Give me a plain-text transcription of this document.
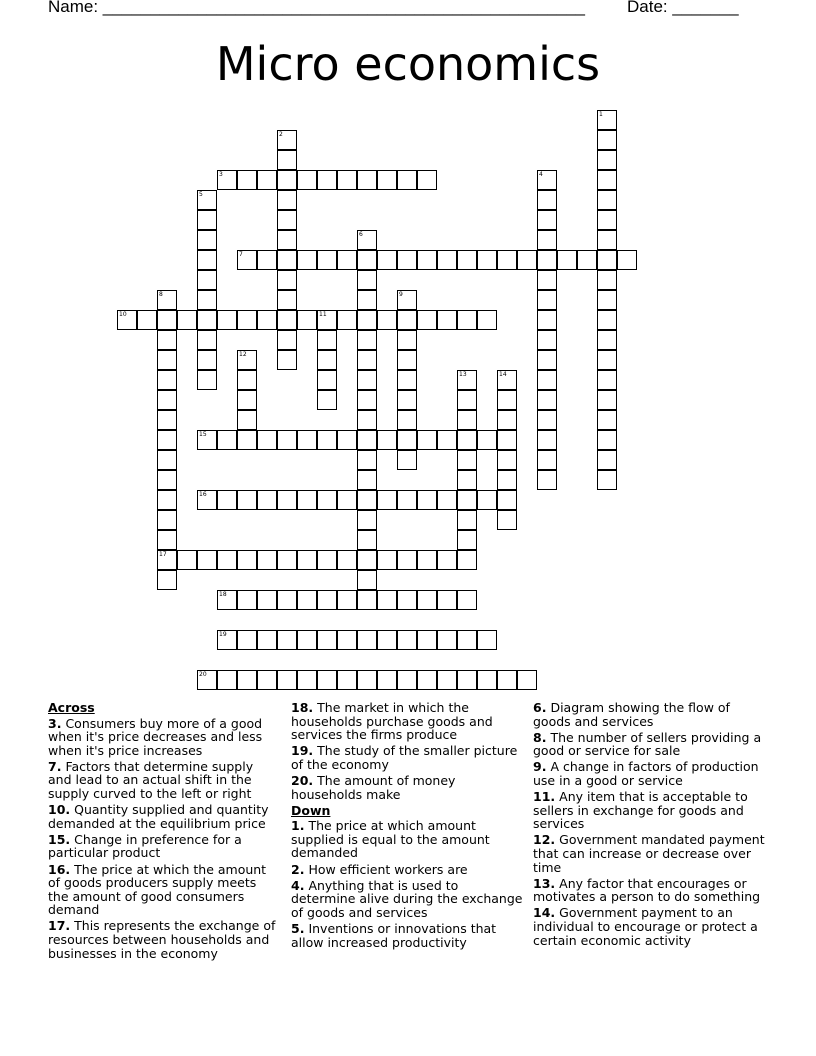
Name: ___________________________________________________ Date: _______
Micro economics
1
2
3	4
5
6
7
8
17
9
10	11
12
13	14
15
16
18
19
20
Across
3. Consumers buy more of a good when it's price decreases and less when it's price increases
7. Factors that determine supply and lead to an actual shift in the supply curved to the left or right
10. Quantity supplied and quantity demanded at the equilibrium price
15. Change in preference for a particular product
16. The price at which the amount of goods producers supply meets the amount of good consumers demand
17. This represents the exchange of resources between households and businesses in the economy
18. The market in which the households purchase goods and services the firms produce
19. The study of the smaller picture of the economy
20. The amount of money households make
Down
1. The price at which amount supplied is equal to the amount demanded
2. How efficient workers are
4. Anything that is used to determine alive during the exchange of goods and services
5. Inventions or innovations that allow increased productivity
6. Diagram showing the flow of goods and services
8. The number of sellers providing a good or service for sale
9. A change in factors of production use in a good or service
11. Any item that is acceptable to sellers in exchange for goods and services
12. Government mandated payment that can increase or decrease over time
13. Any factor that encourages or motivates a person to do something
14. Government payment to an individual to encourage or protect a certain economic activity
